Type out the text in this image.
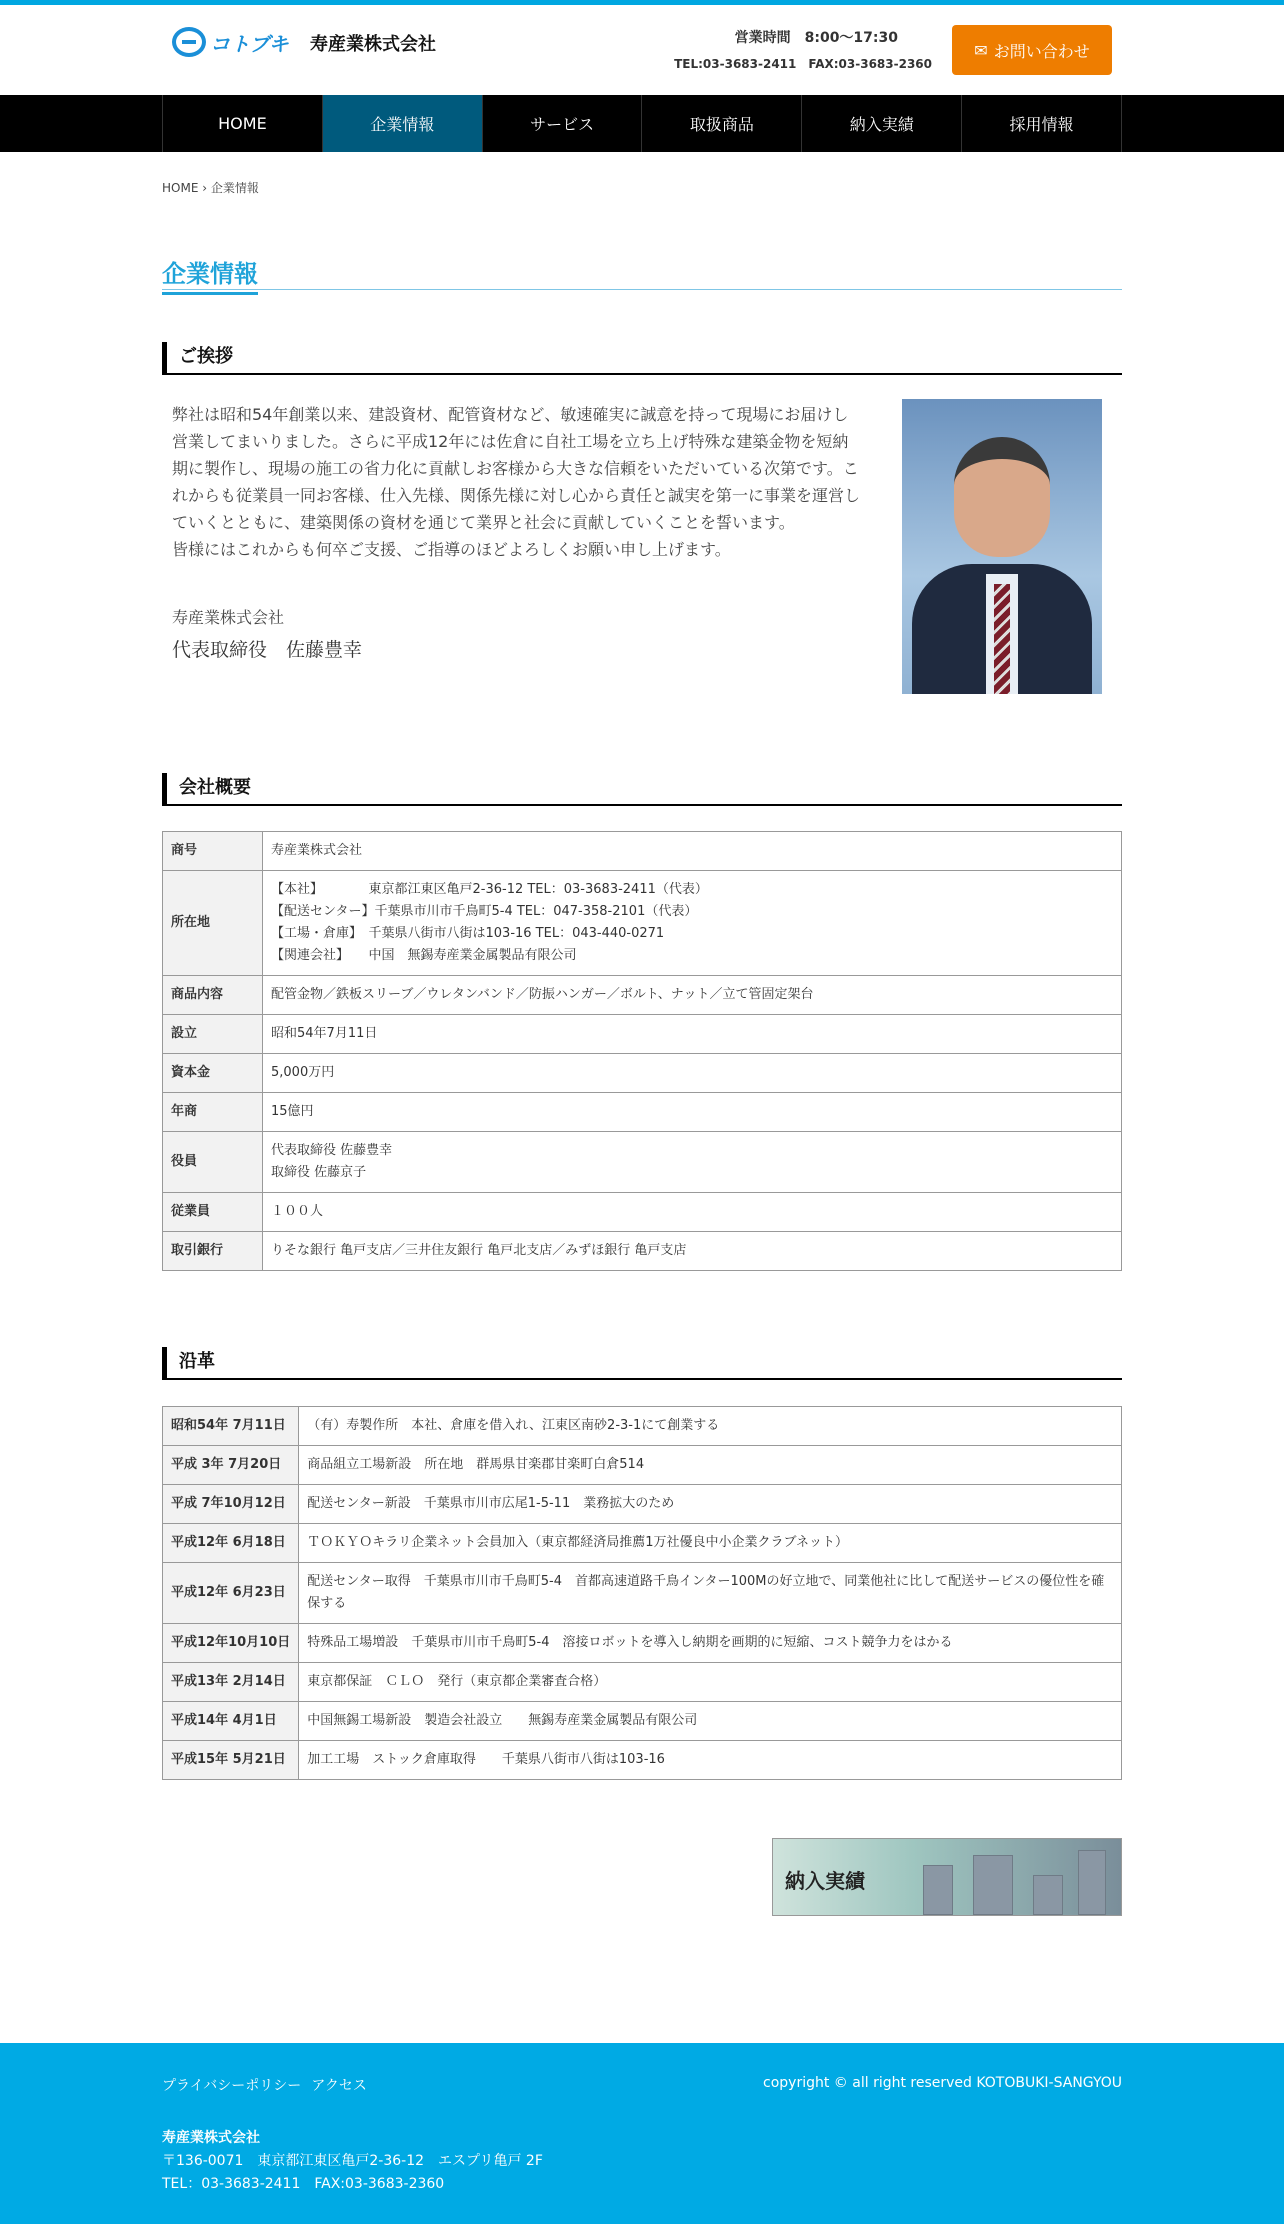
コトブキ 寿産業株式会社	営業時間　8:00〜17:30
TEL:03-3683-2411　FAX:03-3683-2360
✉ お問い合わせ
HOME	企業情報	サービス	取扱商品	納入実績	採用情報
HOME › 企業情報
企業情報
ご挨拶
弊社は昭和54年創業以来、建設資材、配管資材など、敏速確実に誠意を持って現場にお届けし営業してまいりました。さらに平成12年には佐倉に自社工場を立ち上げ特殊な建築金物を短納期に製作し、現場の施工の省力化に貢献しお客様から大きな信頼をいただいている次第です。これからも従業員一同お客様、仕入先様、関係先様に対し心から責任と誠実を第一に事業を運営していくとともに、建築関係の資材を通じて業界と社会に貢献していくことを誓います。
皆様にはこれからも何卒ご支援、ご指導のほどよろしくお願い申し上げます。
寿産業株式会社
代表取締役　佐藤豊幸
会社概要
商号	寿産業株式会社

所在地	【本社】　　　　東京都江東区亀戸2-36-12 TEL：03-3683-2411（代表）
【配送センター】千葉県市川市千鳥町5-4 TEL：047-358-2101（代表）
【工場・倉庫】　千葉県八街市八街は103-16 TEL：043-440-0271
【関連会社】　　中国　無錫寿産業金属製品有限公司

商品内容	配管金物／鉄板スリーブ／ウレタンバンド／防振ハンガー／ボルト、ナット／立て管固定架台

設立	昭和54年7月11日

資本金	5,000万円

年商	15億円

役員	代表取締役 佐藤豊幸
取締役 佐藤京子

従業員	１００人

取引銀行	りそな銀行 亀戸支店／三井住友銀行 亀戸北支店／みずほ銀行 亀戸支店
沿革
昭和54年 7月11日	（有）寿製作所　本社、倉庫を借入れ、江東区南砂2-3-1にて創業する
平成 3年 7月20日	商品組立工場新設　所在地　群馬県甘楽郡甘楽町白倉514
平成 7年10月12日	配送センター新設　千葉県市川市広尾1-5-11　業務拡大のため
平成12年 6月18日	ＴＯＫＹＯキラリ企業ネット会員加入（東京都経済局推薦1万社優良中小企業クラブネット）
平成12年 6月23日	配送センター取得　千葉県市川市千鳥町5-4　首都高速道路千鳥インター100Mの好立地で、同業他社に比して配送サービスの優位性を確保する
平成12年10月10日	特殊品工場増設　千葉県市川市千鳥町5-4　溶接ロボットを導入し納期を画期的に短縮、コスト競争力をはかる
平成13年 2月14日	東京都保証　ＣＬＯ　発行（東京都企業審査合格）
平成14年 4月1日	中国無錫工場新設　製造会社設立　　無錫寿産業金属製品有限公司
平成15年 5月21日	加工工場　ストック倉庫取得　　千葉県八街市八街は103-16
納入実績
プライバシーポリシー アクセス	copyright © all right reserved KOTOBUKI-SANGYOU
寿産業株式会社
〒136-0071　東京都江東区亀戸2-36-12　エスプリ亀戸 2F
TEL：03-3683-2411　FAX:03-3683-2360
